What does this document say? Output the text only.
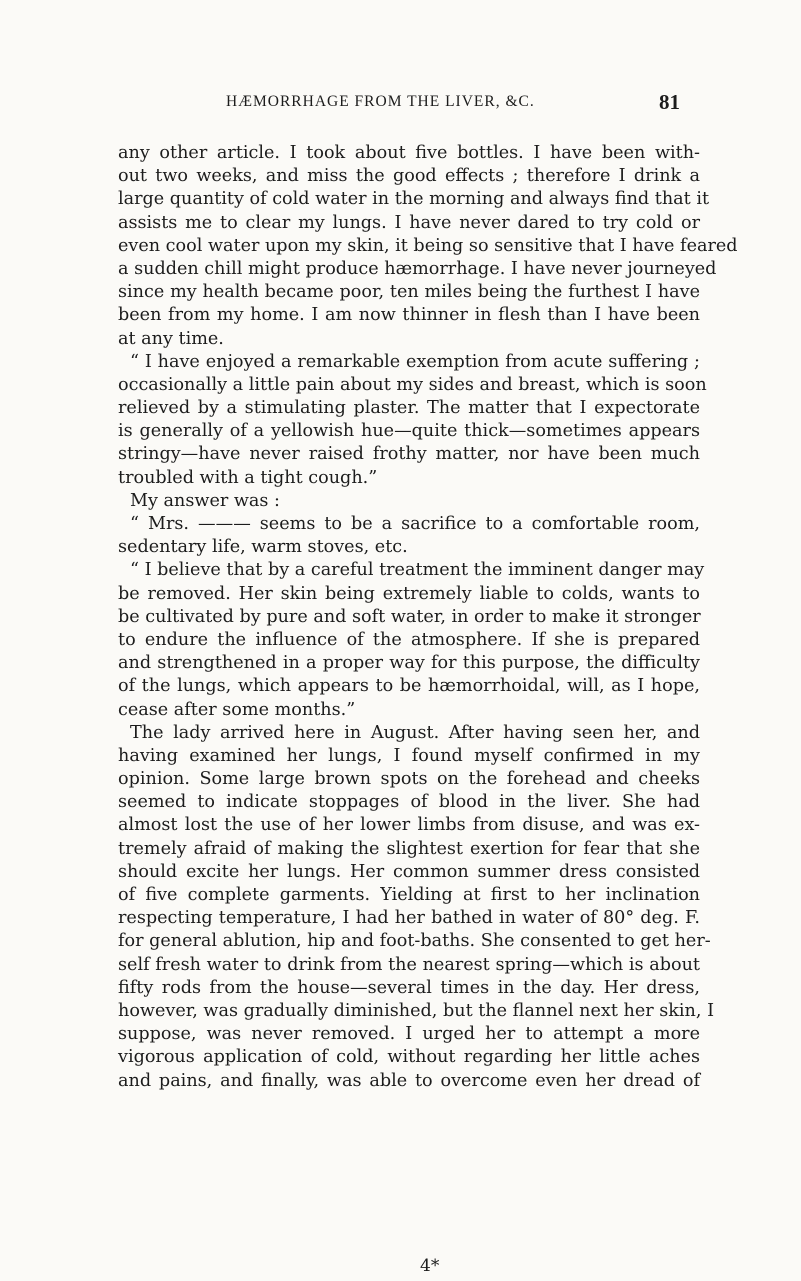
HÆMORRHAGE FROM THE LIVER, &C.	81
any other article. I took about five bottles. I have been with-
out two weeks, and miss the good effects ; therefore I drink a
large quantity of cold water in the morning and always find that it
assists me to clear my lungs. I have never dared to try cold or
even cool water upon my skin, it being so sensitive that I have feared
a sudden chill might produce hæmorrhage. I have never journeyed
since my health became poor, ten miles being the furthest I have
been from my home. I am now thinner in flesh than I have been
at any time.
“ I have enjoyed a remarkable exemption from acute suffering ;
occasionally a little pain about my sides and breast, which is soon
relieved by a stimulating plaster. The matter that I expectorate
is generally of a yellowish hue—quite thick—sometimes appears
stringy—have never raised frothy matter, nor have been much
troubled with a tight cough.”
My answer was :
“ Mrs. ——— seems to be a sacrifice to a comfortable room,
sedentary life, warm stoves, etc.
“ I believe that by a careful treatment the imminent danger may
be removed. Her skin being extremely liable to colds, wants to
be cultivated by pure and soft water, in order to make it stronger
to endure the influence of the atmosphere. If she is prepared
and strengthened in a proper way for this purpose, the difficulty
of the lungs, which appears to be hæmorrhoidal, will, as I hope,
cease after some months.”
The lady arrived here in August. After having seen her, and
having examined her lungs, I found myself confirmed in my
opinion. Some large brown spots on the forehead and cheeks
seemed to indicate stoppages of blood in the liver. She had
almost lost the use of her lower limbs from disuse, and was ex-
tremely afraid of making the slightest exertion for fear that she
should excite her lungs. Her common summer dress consisted
of five complete garments. Yielding at first to her inclination
respecting temperature, I had her bathed in water of 80° deg. F.
for general ablution, hip and foot-baths. She consented to get her-
self fresh water to drink from the nearest spring—which is about
fifty rods from the house—several times in the day. Her dress,
however, was gradually diminished, but the flannel next her skin, I
suppose, was never removed. I urged her to attempt a more
vigorous application of cold, without regarding her little aches
and pains, and finally, was able to overcome even her dread of
4*
